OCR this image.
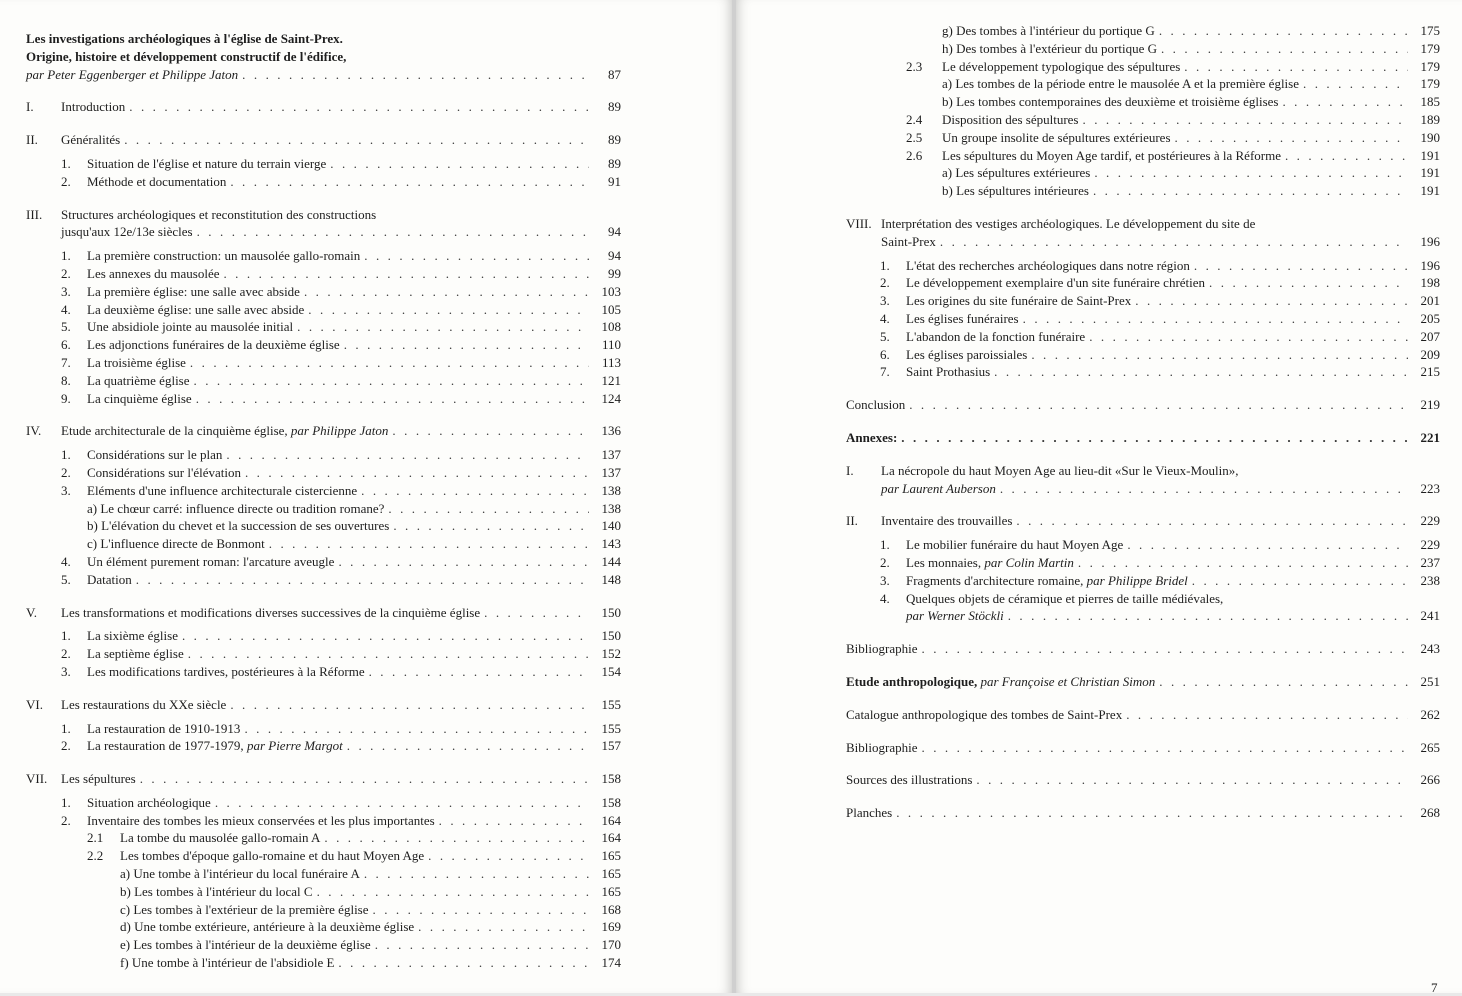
Les investigations archéologiques à l'église de Saint-Prex.
Origine, histoire et développement constructif de l'édifice,
par Peter Eggenberger et Philippe Jaton . . .	87
I.	Introduction . . .	89
II.	Généralités . . .	89
1.	Situation de l'église et nature du terrain vierge . . .	89
2.	Méthode et documentation . . .	91
III.	Structures archéologiques et reconstitution des constructions
jusqu'aux 12e/13e siècles . . .	94
1.	La première construction: un mausolée gallo-romain . . .	94
2.	Les annexes du mausolée . . .	99
3.	La première église: une salle avec abside . . .	103
4.	La deuxième église: une salle avec abside . . .	105
5.	Une absidiole jointe au mausolée initial . . .	108
6.	Les adjonctions funéraires de la deuxième église . . .	110
7.	La troisième église . . .	113
8.	La quatrième église . . .	121
9.	La cinquième église . . .	124
IV.	Etude architecturale de la cinquième église,
par Philippe Jaton . . .	136
1.	Considérations sur le plan . . .	137
2.	Considérations sur l'élévation . . .	137
3.	Eléments d'une influence architecturale cistercienne . . .	138
a) Le chœur carré: influence directe ou tradition romane? . . .	138
b) L'élévation du chevet et la succession de ses ouvertures . . .	140
c) L'influence directe de Bonmont . . .	143
4.	Un élément purement roman: l'arcature aveugle . . .	144
5.	Datation . . .	148
V.	Les transformations et modifications diverses successives de la cinquième église . . .	150
1.	La sixième église . . .	150
2.	La septième église . . .	152
3.	Les modifications tardives, postérieures à la Réforme . . .	154
VI.	Les restaurations du XXe siècle . . .	155
1.	La restauration de 1910-1913 . . .	155
2.	La restauration de 1977-1979,
par Pierre Margot . . .	157
VII.	Les sépultures . . .	158
1.	Situation archéologique . . .	158
2.	Inventaire des tombes les mieux conservées et les plus importantes . . .	164
2.1	La tombe du mausolée gallo-romain A . . .	164
2.2	Les tombes d'époque gallo-romaine et du haut Moyen Age . . .	165
a) Une tombe à l'intérieur du local funéraire A . . .	165
b) Les tombes à l'intérieur du local C . . .	165
c) Les tombes à l'extérieur de la première église . . .	168
d) Une tombe extérieure, antérieure à la deuxième église . . .	169
e) Les tombes à l'intérieur de la deuxième église . . .	170
f) Une tombe à l'intérieur de l'absidiole E . . .	174
g) Des tombes à l'intérieur du portique G . . .	175
h) Des tombes à l'extérieur du portique G . . .	179
2.3	Le développement typologique des sépultures . . .	179
a) Les tombes de la période entre le mausolée A et la première église . . .	179
b) Les tombes contemporaines des deuxième et troisième églises . . .	185
2.4	Disposition des sépultures . . .	189
2.5	Un groupe insolite de sépultures extérieures . . .	190
2.6	Les sépultures du Moyen Age tardif, et postérieures à la Réforme . . .	191
a) Les sépultures extérieures . . .	191
b) Les sépultures intérieures . . .	191
VIII. Interprétation des vestiges archéologiques. Le développement du site de
Saint-Prex . . .	196
1.	L'état des recherches archéologiques dans notre région . . .	196
2.	Le développement exemplaire d'un site funéraire chrétien . . .	198
3.	Les origines du site funéraire de Saint-Prex . . .	201
4.	Les églises funéraires . . .	205
5.	L'abandon de la fonction funéraire . . .	207
6.	Les églises paroissiales . . .	209
7.	Saint Prothasius . . .	215
Conclusion . . .	219
Annexes: . . .	221
I.	La nécropole du haut Moyen Age au lieu-dit «Sur le Vieux-Moulin»,
par Laurent Auberson . . .	223
II.	Inventaire des trouvailles . . .	229
1.	Le mobilier funéraire du haut Moyen Age . . .	229
2.	Les monnaies,
par Colin Martin . . .	237
3.	Fragments d'architecture romaine,
par Philippe Bridel . . .	238
4.	Quelques objets de céramique et pierres de taille médiévales,
par Werner Stöckli . . .	241
Bibliographie . . .	243
Etude anthropologique,
par Françoise et Christian Simon . . .	251
Catalogue anthropologique des tombes de Saint-Prex . . .	262
Bibliographie . . .	265
Sources des illustrations . . .	266
Planches . . .	268
7
